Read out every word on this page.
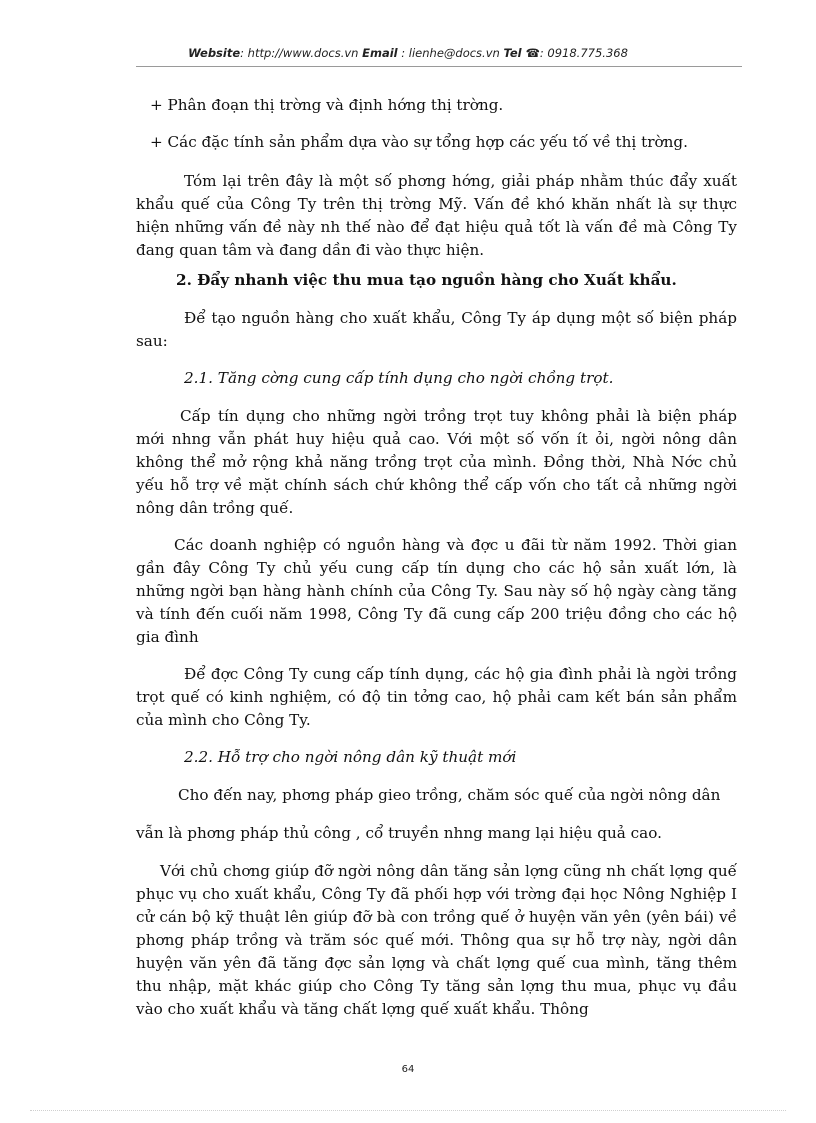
Website: http://www.docs.vn Email : lienhe@docs.vn Tel ☎: 0918.775.368

+ Phân đoạn thị trờng và định hớng thị trờng.

+ Các đặc tính sản phẩm dựa vào sự tổng hợp các yếu tố về thị trờng.

Tóm lại trên đây là một số phơng hớng, giải pháp nhằm thúc đẩy xuất khẩu quế của Công Ty trên thị trờng Mỹ. Vấn đề khó khăn nhất là sự thực hiện những vấn đề này nh thế nào để đạt hiệu quả tốt là vấn đề mà Công Ty đang quan tâm và đang dần đi vào thực hiện.

2. Đẩy nhanh việc thu mua tạo nguồn hàng cho Xuất khẩu.

Để tạo nguồn hàng cho xuất khẩu, Công Ty áp dụng một số biện pháp sau:

2.1. Tăng cờng cung cấp tính dụng cho ngời chồng trọt.

Cấp tín dụng cho những ngời trồng trọt tuy không phải là biện pháp mới nhng vẫn phát huy hiệu quả cao. Với một số vốn ít ỏi, ngời nông dân không thể mở rộng khả năng trồng trọt của mình. Đồng thời, Nhà Nớc chủ yếu hỗ trợ về mặt chính sách chứ không thể cấp vốn cho tất cả những ngời nông dân trồng quế.

Các doanh nghiệp có nguồn hàng và đợc u đãi từ năm 1992. Thời gian gần đây Công Ty chủ yếu cung cấp tín dụng cho các hộ sản xuất lớn, là những ngời bạn hàng hành chính của Công Ty. Sau này số hộ ngày càng tăng và tính đến cuối năm 1998, Công Ty đã cung cấp 200 triệu đồng cho các hộ gia đình

Để đợc Công Ty cung cấp tính dụng, các hộ gia đình phải là ngời trồng trọt quế có kinh nghiệm, có độ tin tởng cao, hộ phải cam kết bán sản phẩm của mình cho Công Ty.

2.2. Hỗ trợ cho ngời nông dân kỹ thuật mới

Cho đến nay, phơng pháp gieo trồng, chăm sóc quế của ngời nông dân

vẫn là phơng pháp thủ công , cổ truyền nhng mang lại hiệu quả cao.

Với chủ chơng giúp đỡ ngời nông dân tăng sản lợng cũng nh chất lợng quế phục vụ cho xuất khẩu, Công Ty đã phối hợp với trờng đại học Nông Nghiệp I cử cán bộ kỹ thuật lên giúp đỡ bà con trồng quế ở huyện văn yên (yên bái) về phơng pháp trồng và trăm sóc quế mới. Thông qua sự hỗ trợ này, ngời dân huyện văn yên đã tăng đợc sản lợng và chất lợng quế cua mình, tăng thêm thu nhập, mặt khác giúp cho Công Ty tăng sản lợng thu mua, phục vụ đầu vào cho xuất khẩu và tăng chất lợng quế xuất khẩu. Thông

64
